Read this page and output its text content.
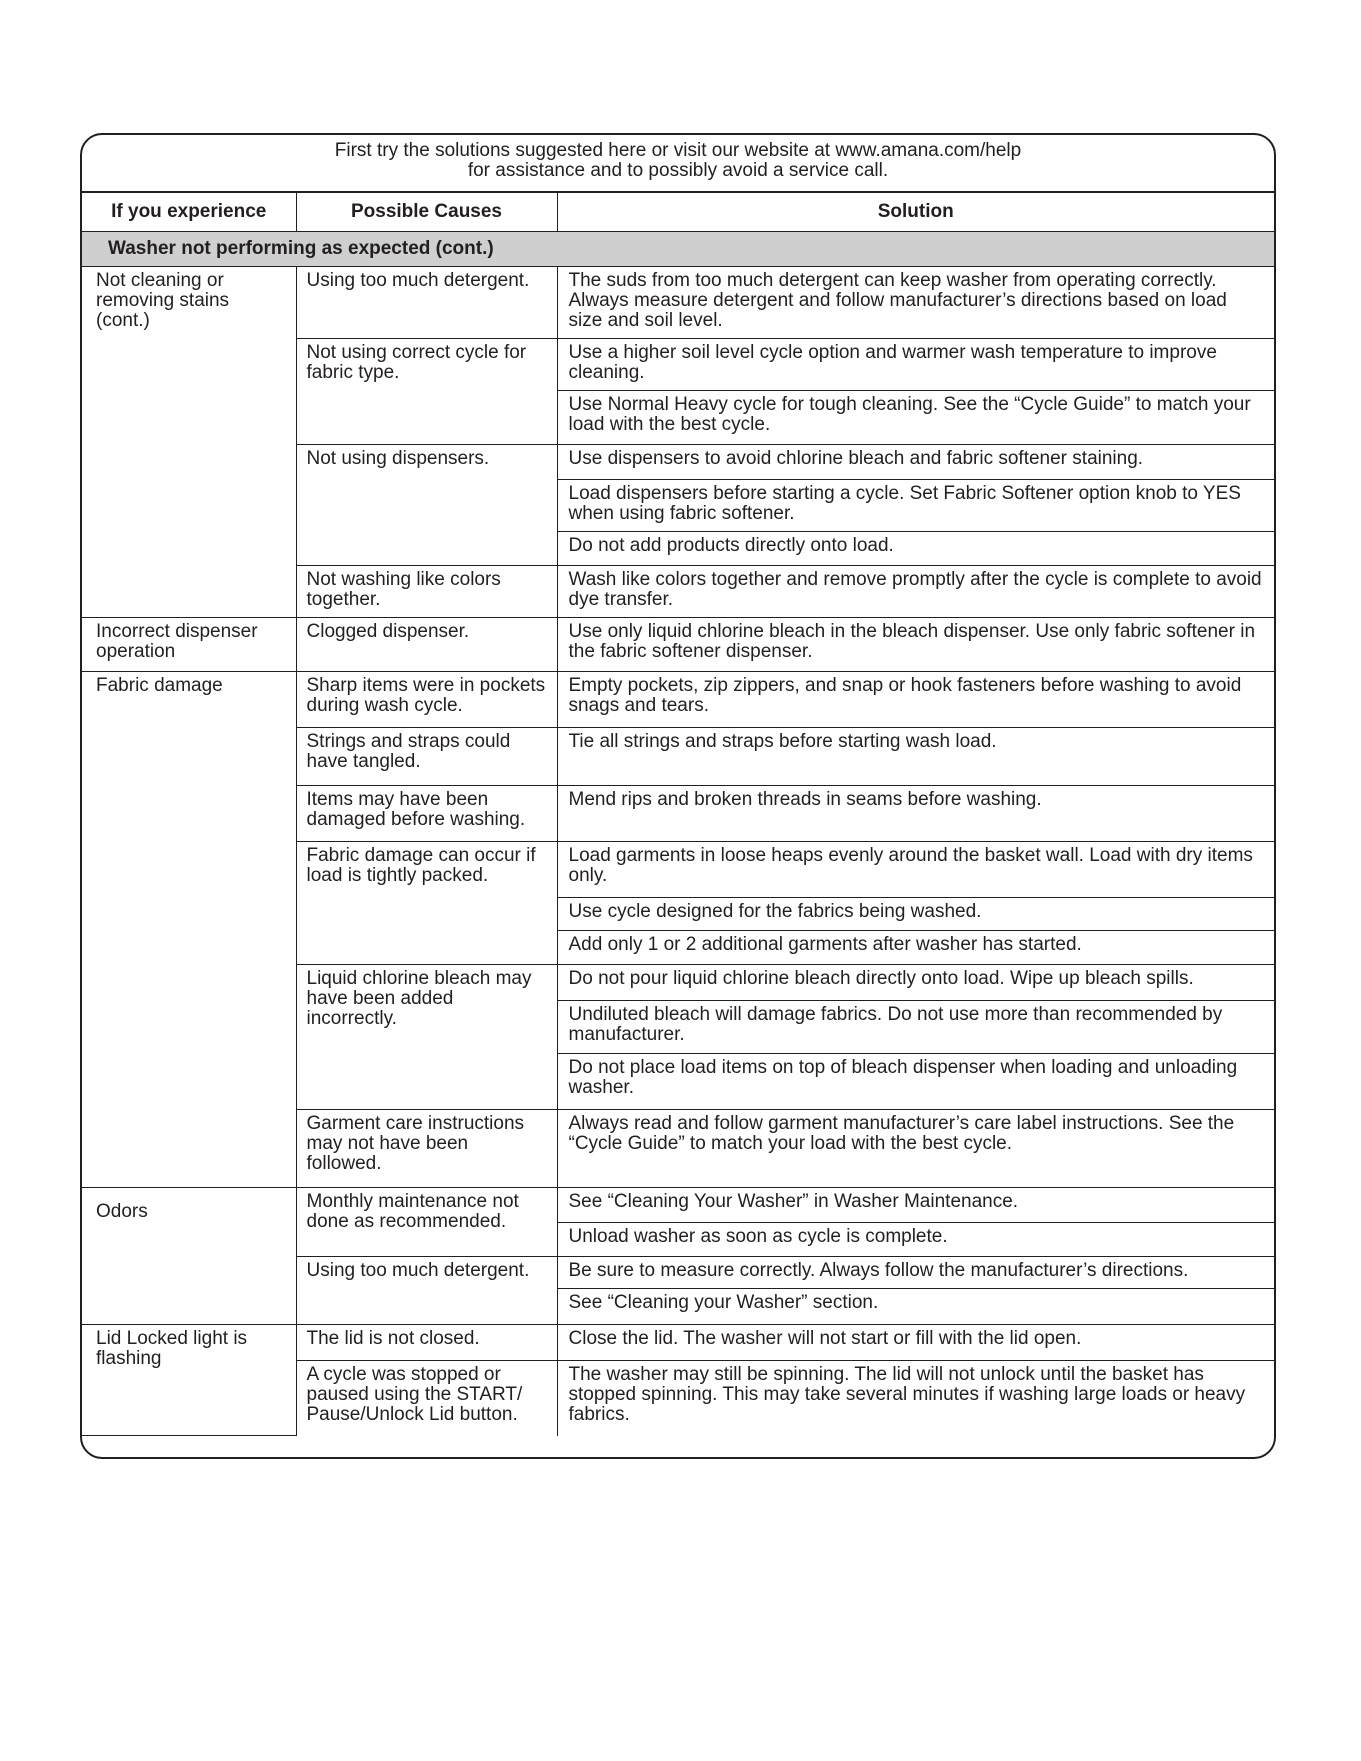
First try the solutions suggested here or visit our website at www.amana.com/help
for assistance and to possibly avoid a service call.
If you experience	Possible Causes	Solution
Washer not performing as expected (cont.)		
Not cleaning or removing stains (cont.)	Using too much detergent.	The suds from too much detergent can keep washer from operating correctly. Always measure detergent and follow manufacturer’s directions based on load size and soil level.
	Not using correct cycle for fabric type.	Use a higher soil level cycle option and warmer wash temperature to improve cleaning.
		Use Normal Heavy cycle for tough cleaning. See the “Cycle Guide” to match your load with the best cycle.
	Not using dispensers.	Use dispensers to avoid chlorine bleach and fabric softener staining.
		Load dispensers before starting a cycle. Set Fabric Softener option knob to YES when using fabric softener.
		Do not add products directly onto load.
	Not washing like colors together.	Wash like colors together and remove promptly after the cycle is complete to avoid dye transfer.
Incorrect dispenser operation	Clogged dispenser.	Use only liquid chlorine bleach in the bleach dispenser. Use only fabric softener in the fabric softener dispenser.
Fabric damage	Sharp items were in pockets during wash cycle.	Empty pockets, zip zippers, and snap or hook fasteners before washing to avoid snags and tears.
	Strings and straps could have tangled.	Tie all strings and straps before starting wash load.
	Items may have been damaged before washing.	Mend rips and broken threads in seams before washing.
	Fabric damage can occur if load is tightly packed.	Load garments in loose heaps evenly around the basket wall. Load with dry items only.
		Use cycle designed for the fabrics being washed.
		Add only 1 or 2 additional garments after washer has started.
	Liquid chlorine bleach may have been added incorrectly.	Do not pour liquid chlorine bleach directly onto load. Wipe up bleach spills.
		Undiluted bleach will damage fabrics. Do not use more than recommended by manufacturer.
		Do not place load items on top of bleach dispenser when loading and unloading washer.
	Garment care instructions may not have been followed.	Always read and follow garment manufacturer’s care label instructions. See the “Cycle Guide” to match your load with the best cycle.
Odors	Monthly maintenance not done as recommended.	See “Cleaning Your Washer” in Washer Maintenance.
		Unload washer as soon as cycle is complete.
	Using too much detergent.	Be sure to measure correctly. Always follow the manufacturer’s directions.
		See “Cleaning your Washer” section.
Lid Locked light is flashing	The lid is not closed.	Close the lid. The washer will not start or fill with the lid open.
	A cycle was stopped or paused using the START/ Pause/Unlock Lid button.	The washer may still be spinning. The lid will not unlock until the basket has stopped spinning. This may take several minutes if washing large loads or heavy fabrics.
